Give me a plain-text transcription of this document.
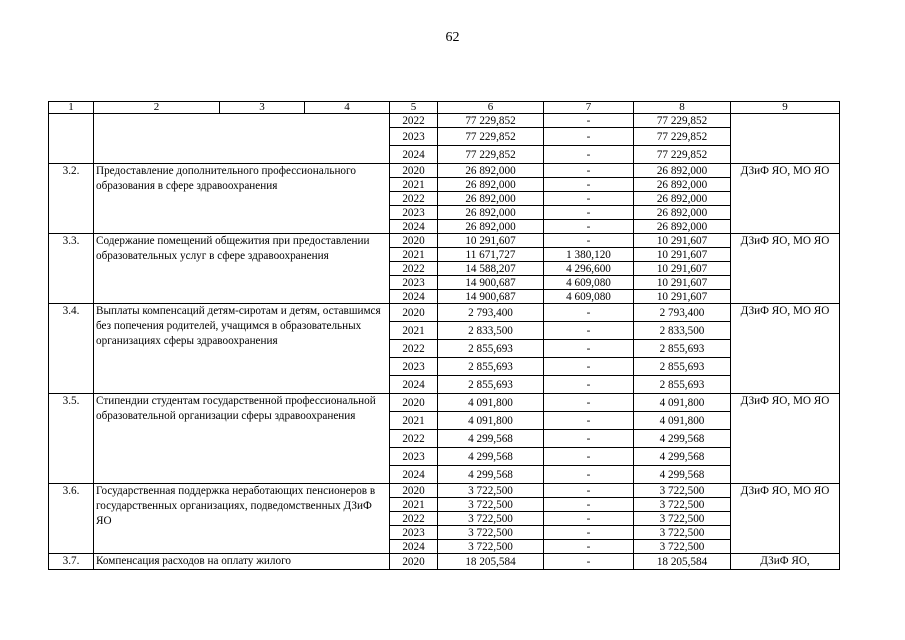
62
1	2	3	4	5	6	7	8	9
				2022	77 229,852	-	77 229,852	
				2023	77 229,852	-	77 229,852	
				2024	77 229,852	-	77 229,852	
3.2.	Предоставление дополнительного профессионального образования в сфере здравоохранения			2020	26 892,000	-	26 892,000	ДЗиФ ЯО, МО ЯО
				2021	26 892,000	-	26 892,000	
				2022	26 892,000	-	26 892,000	
				2023	26 892,000	-	26 892,000	
				2024	26 892,000	-	26 892,000	
3.3.	Содержание помещений общежития при предоставлении образовательных услуг в сфере здравоохранения			2020	10 291,607	-	10 291,607	ДЗиФ ЯО, МО ЯО
				2021	11 671,727	1 380,120	10 291,607	
				2022	14 588,207	4 296,600	10 291,607	
				2023	14 900,687	4 609,080	10 291,607	
				2024	14 900,687	4 609,080	10 291,607	
3.4.	Выплаты компенсаций детям-сиротам и детям, оставшимся без попечения родителей, учащимся в образовательных организациях сферы здравоохранения			2020	2 793,400	-	2 793,400	ДЗиФ ЯО, МО ЯО
				2021	2 833,500	-	2 833,500	
				2022	2 855,693	-	2 855,693	
				2023	2 855,693	-	2 855,693	
				2024	2 855,693	-	2 855,693	
3.5.	Стипендии студентам государственной профессиональной образовательной организации сферы здравоохранения			2020	4 091,800	-	4 091,800	ДЗиФ ЯО, МО ЯО
				2021	4 091,800	-	4 091,800	
				2022	4 299,568	-	4 299,568	
				2023	4 299,568	-	4 299,568	
				2024	4 299,568	-	4 299,568	
3.6.	Государственная поддержка неработающих пенсионеров в государственных организациях, подведомственных ДЗиФ ЯО			2020	3 722,500	-	3 722,500	ДЗиФ ЯО, МО ЯО
				2021	3 722,500	-	3 722,500	
				2022	3 722,500	-	3 722,500	
				2023	3 722,500	-	3 722,500	
				2024	3 722,500	-	3 722,500	
3.7.	Компенсация расходов на оплату жилого			2020	18 205,584	-	18 205,584	ДЗиФ ЯО,
